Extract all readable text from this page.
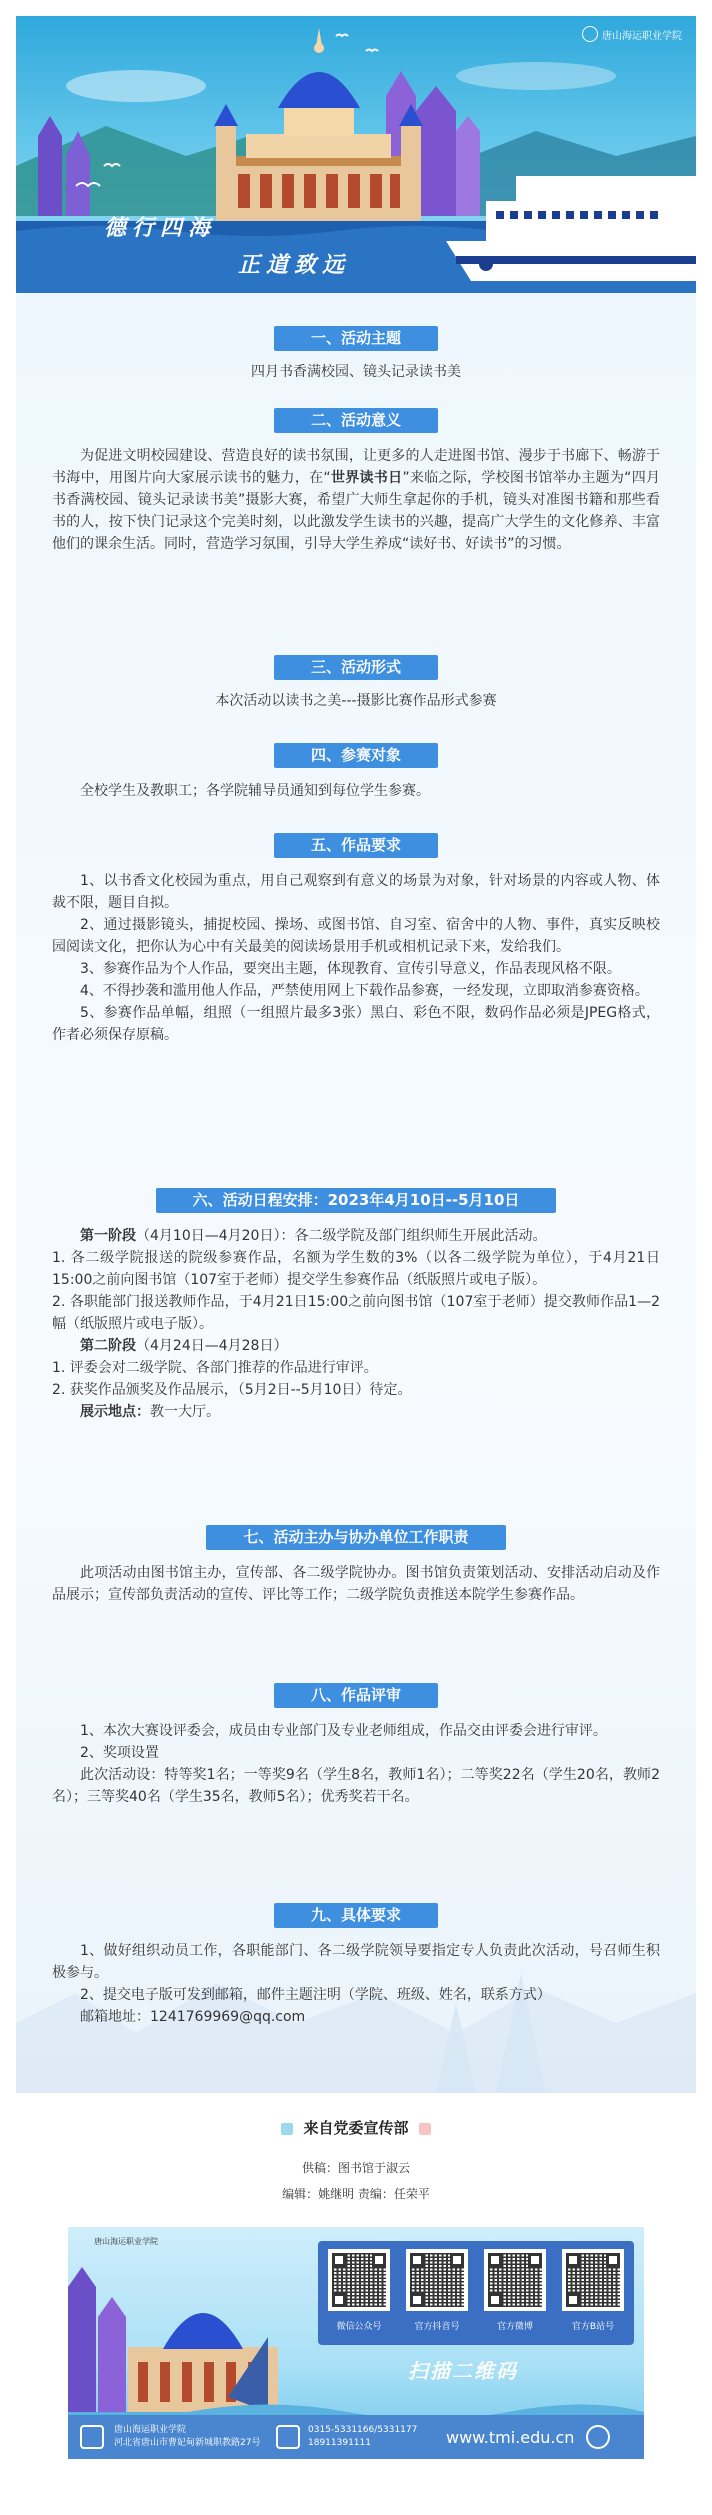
唐山海运职业学院
德行四海
正道致远
一、活动主题

四月书香满校园、镜头记录读书美

二、活动意义

为促进文明校园建设、营造良好的读书氛围，让更多的人走进图书馆、漫步于书廊下、畅游于书海中，用图片向大家展示读书的魅力，在“世界读书日”来临之际，学校图书馆举办主题为“四月书香满校园、镜头记录读书美”摄影大赛，希望广大师生拿起你的手机，镜头对准图书籍和那些看书的人，按下快门记录这个完美时刻，以此激发学生读书的兴趣，提高广大学生的文化修养、丰富他们的课余生活。同时，营造学习氛围，引导大学生养成“读好书、好读书”的习惯。

三、活动形式

本次活动以读书之美---摄影比赛作品形式参赛

四、参赛对象

全校学生及教职工；各学院辅导员通知到每位学生参赛。

五、作品要求

1、以书香文化校园为重点，用自己观察到有意义的场景为对象，针对场景的内容或人物、体裁不限，题目自拟。

2、通过摄影镜头，捕捉校园、操场、或图书馆、自习室、宿舍中的人物、事件，真实反映校园阅读文化，把你认为心中有关最美的阅读场景用手机或相机记录下来，发给我们。

3、参赛作品为个人作品，要突出主题，体现教育、宣传引导意义，作品表现风格不限。

4、不得抄袭和滥用他人作品，严禁使用网上下载作品参赛，一经发现，立即取消参赛资格。

5、参赛作品单幅，组照（一组照片最多3张）黑白、彩色不限，数码作品必须是JPEG格式，作者必须保存原稿。

六、活动日程安排：2023年4月10日--5月10日

第一阶段（4月10日—4月20日）：各二级学院及部门组织师生开展此活动。

1. 各二级学院报送的院级参赛作品，名额为学生数的3%（以各二级学院为单位），于4月21日15:00之前向图书馆（107室于老师）提交学生参赛作品（纸版照片或电子版）。

2. 各职能部门报送教师作品，于4月21日15:00之前向图书馆（107室于老师）提交教师作品1—2幅（纸版照片或电子版）。

第二阶段（4月24日—4月28日）

1. 评委会对二级学院、各部门推荐的作品进行审评。

2. 获奖作品颁奖及作品展示，（5月2日--5月10日）待定。

展示地点：教一大厅。

七、活动主办与协办单位工作职责

此项活动由图书馆主办，宣传部、各二级学院协办。图书馆负责策划活动、安排活动启动及作品展示；宣传部负责活动的宣传、评比等工作；二级学院负责推送本院学生参赛作品。

八、作品评审

1、本次大赛设评委会，成员由专业部门及专业老师组成，作品交由评委会进行审评。

2、奖项设置

此次活动设：特等奖1名；一等奖9名（学生8名，教师1名）；二等奖22名（学生20名，教师2名）；三等奖40名（学生35名，教师5名）；优秀奖若干名。

九、具体要求

1、做好组织动员工作，各职能部门、各二级学院领导要指定专人负责此次活动，号召师生积极参与。

2、提交电子版可发到邮箱，邮件主题注明（学院、班级、姓名，联系方式）

邮箱地址：1241769969@qq.com

来自党委宣传部
供稿：图书馆于淑云
编辑：姚继明 责编：任荣平
唐山海运职业学院
微信公众号	官方抖音号	官方微博	官方B站号
扫描二维码
唐山海运职业学院
河北省唐山市曹妃甸新城职教路27号
0315-5331166/5331177
18911391111	www.tmi.edu.cn
